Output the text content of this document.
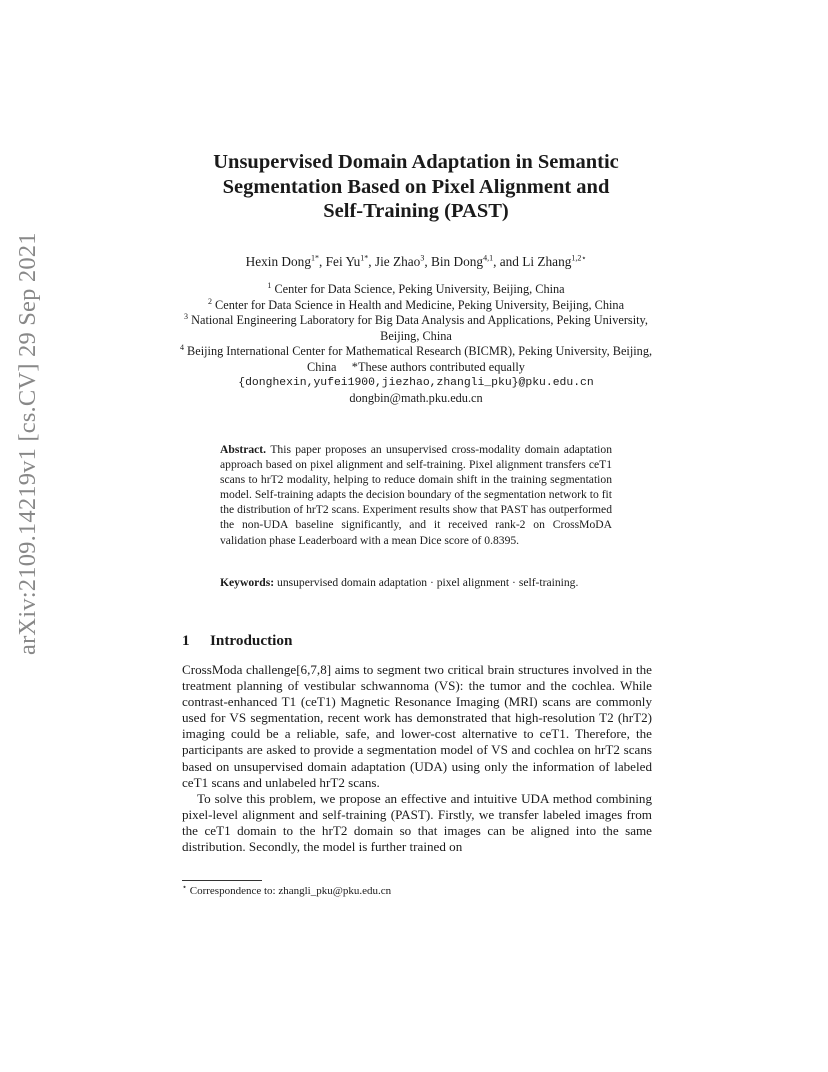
arXiv:2109.14219v1 [cs.CV] 29 Sep 2021
Unsupervised Domain Adaptation in Semantic
Segmentation Based on Pixel Alignment and
Self-Training (PAST)
Hexin Dong$^{1*}$, Fei $Yu^{1*}$, Jie Zhao$^3$, Bin Dong$^{4,1}$, and Li Zhang$^{1,2⋆}$
$^1$ Center for Data Science, Peking University, Beijing, China
$^2$ Center for Data Science in Health and Medicine, Peking University, Beijing, China
$^3$ National Engineering Laboratory for Big Data Analysis and Applications, Peking University, Beijing, China
$^4$ Beijing International Center for Mathematical Research (BICMR), Peking University, Beijing, China *These authors contributed equally
{donghexin,yufei1900,jiezhao,zhangli_pku}@pku.edu.cn
dongbin@math.pku.edu.cn
Abstract. This paper proposes an unsupervised cross-modality domain adaptation approach based on pixel alignment and self-training. Pixel alignment transfers ceT1 scans to hrT2 modality, helping to reduce domain shift in the training segmentation model. Self-training adapts the decision boundary of the segmentation network to fit the distribution of hrT2 scans. Experiment results show that PAST has outperformed the non-UDA baseline significantly, and it received rank-2 on CrossMoDA validation phase Leaderboard with a mean Dice score of 0.8395.
Keywords: unsupervised domain adaptation · pixel alignment · self-training.
1 Introduction

CrossModa challenge[6,7,8] aims to segment two critical brain structures involved in the treatment planning of vestibular schwannoma (VS): the tumor and the cochlea. While contrast-enhanced T1 (ceT1) Magnetic Resonance Imaging (MRI) scans are commonly used for VS segmentation, recent work has demonstrated that high-resolution T2 (hrT2) imaging could be a reliable, safe, and lower-cost alternative to ceT1. Therefore, the participants are asked to provide a segmentation model of VS and cochlea on hrT2 scans based on unsupervised domain adaptation (UDA) using only the information of labeled ceT1 scans and unlabeled hrT2 scans.

To solve this problem, we propose an effective and intuitive UDA method combining pixel-level alignment and self-training (PAST). Firstly, we transfer labeled images from the ceT1 domain to the hrT2 domain so that images can be aligned into the same distribution. Secondly, the model is further trained on

⋆ Correspondence to: zhangli_pku@pku.edu.cn
